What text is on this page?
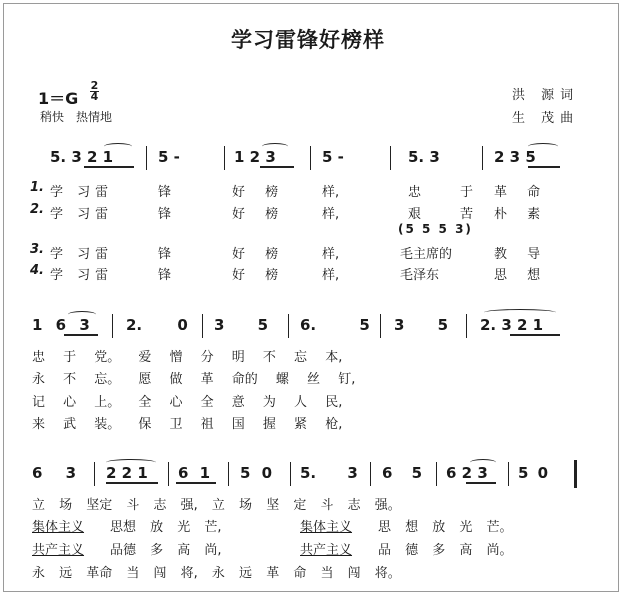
学习雷锋好榜样
1＝G
2
4
稍快　热情地
洪 源词
生 茂曲
5. 3 2 1	5 -	1 2 3	5 -	5. 3	2 3 5
1.
2.
3.
4.
学 习雷	锋	好 榜	样,	忠	于 革 命
学 习雷	锋	好 榜	样,	艰	苦 朴 素
(5 5 5 3)
学 习雷	锋	好 榜	样,	毛主席的	教 导
学 习雷	锋	好 榜	样,	毛泽东	思 想
1 6 3 2. 0 3 5 6. 5 3 5 2. 3 2 1
忠 于 党。 爱 憎 分 明 不 忘 本,
永 不 忘。 愿 做 革 命的 螺 丝 钉,
记 心 上。 全 心 全 意 为 人 民,
来 武 装。 保 卫 祖 国 握 紧 枪,
6 3 2 2 1 6 1 5 0 5. 3 6 5 6 2 3 5 0
立 场 坚定 斗 志 强, 立 场 坚 定 斗 志 强。
集体主义 思想 放 光 芒,	集体主义 思 想 放 光 芒。
共产主义 品德 多 高 尚,	共产主义 品 德 多 高 尚。
永 远 革命 当 闯 将, 永 远 革 命 当 闯 将。
